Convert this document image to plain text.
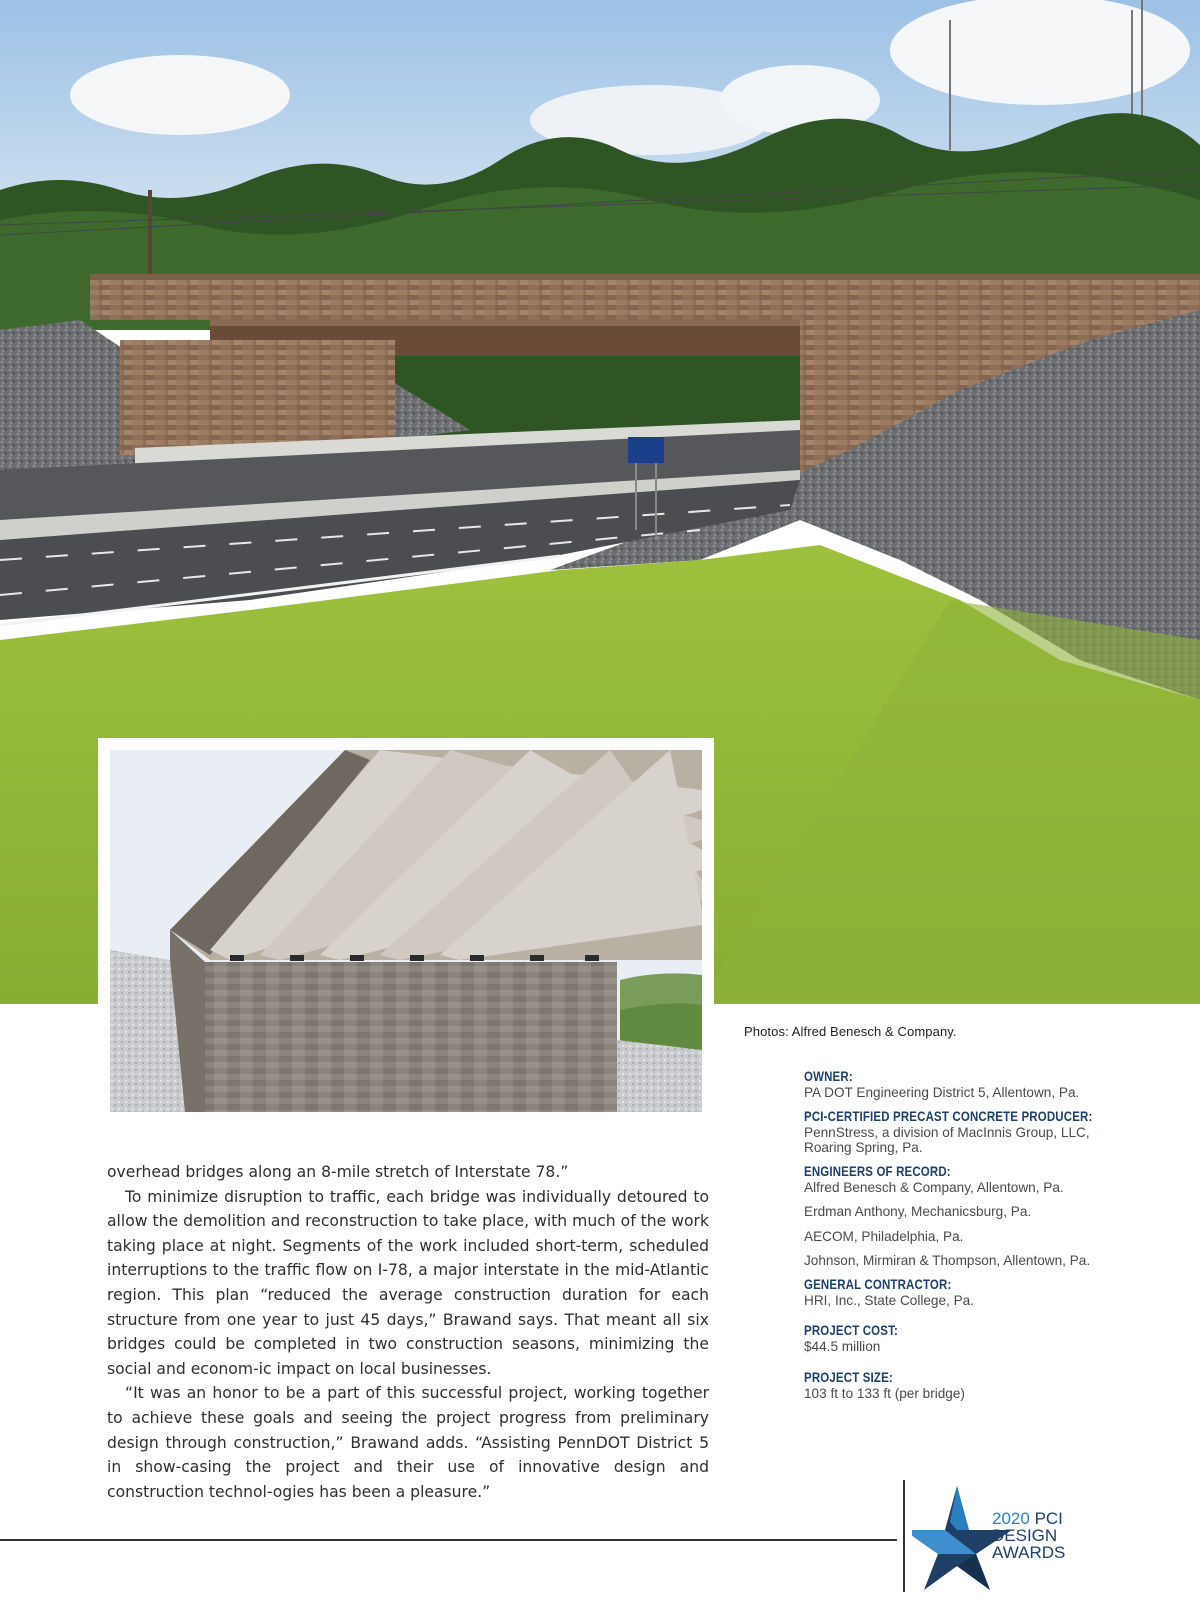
Photos: Alfred Benesch & Company.

overhead bridges along an 8-mile stretch of Interstate 78.”

To minimize disruption to traffic, each bridge was individually detoured to allow the demolition and reconstruction to take place, with much of the work taking place at night. Segments of the work included short-term, scheduled interruptions to the traffic flow on I-78, a major interstate in the mid-Atlantic region. This plan “reduced the average construction duration for each structure from one year to just 45 days,” Brawand says. That meant all six bridges could be completed in two construction seasons, minimizing the social and econom-ic impact on local businesses.

“It was an honor to be a part of this successful project, working together to achieve these goals and seeing the project progress from preliminary design through construction,” Brawand adds. “Assisting PennDOT District 5 in show-casing the project and their use of innovative design and construction technol-ogies has been a pleasure.”

OWNER:
PA DOT Engineering District 5, Allentown, Pa.
PCI-CERTIFIED PRECAST CONCRETE PRODUCER:
PennStress, a division of MacInnis Group, LLC, Roaring Spring, Pa.
ENGINEERS OF RECORD:
Alfred Benesch & Company, Allentown, Pa.
Erdman Anthony, Mechanicsburg, Pa.
AECOM, Philadelphia, Pa.
Johnson, Mirmiran & Thompson, Allentown, Pa.
GENERAL CONTRACTOR:
HRI, Inc., State College, Pa.
PROJECT COST:
$44.5 million
PROJECT SIZE:
103 ft to 133 ft (per bridge)
2020 PCI
DESIGN
AWARDS
